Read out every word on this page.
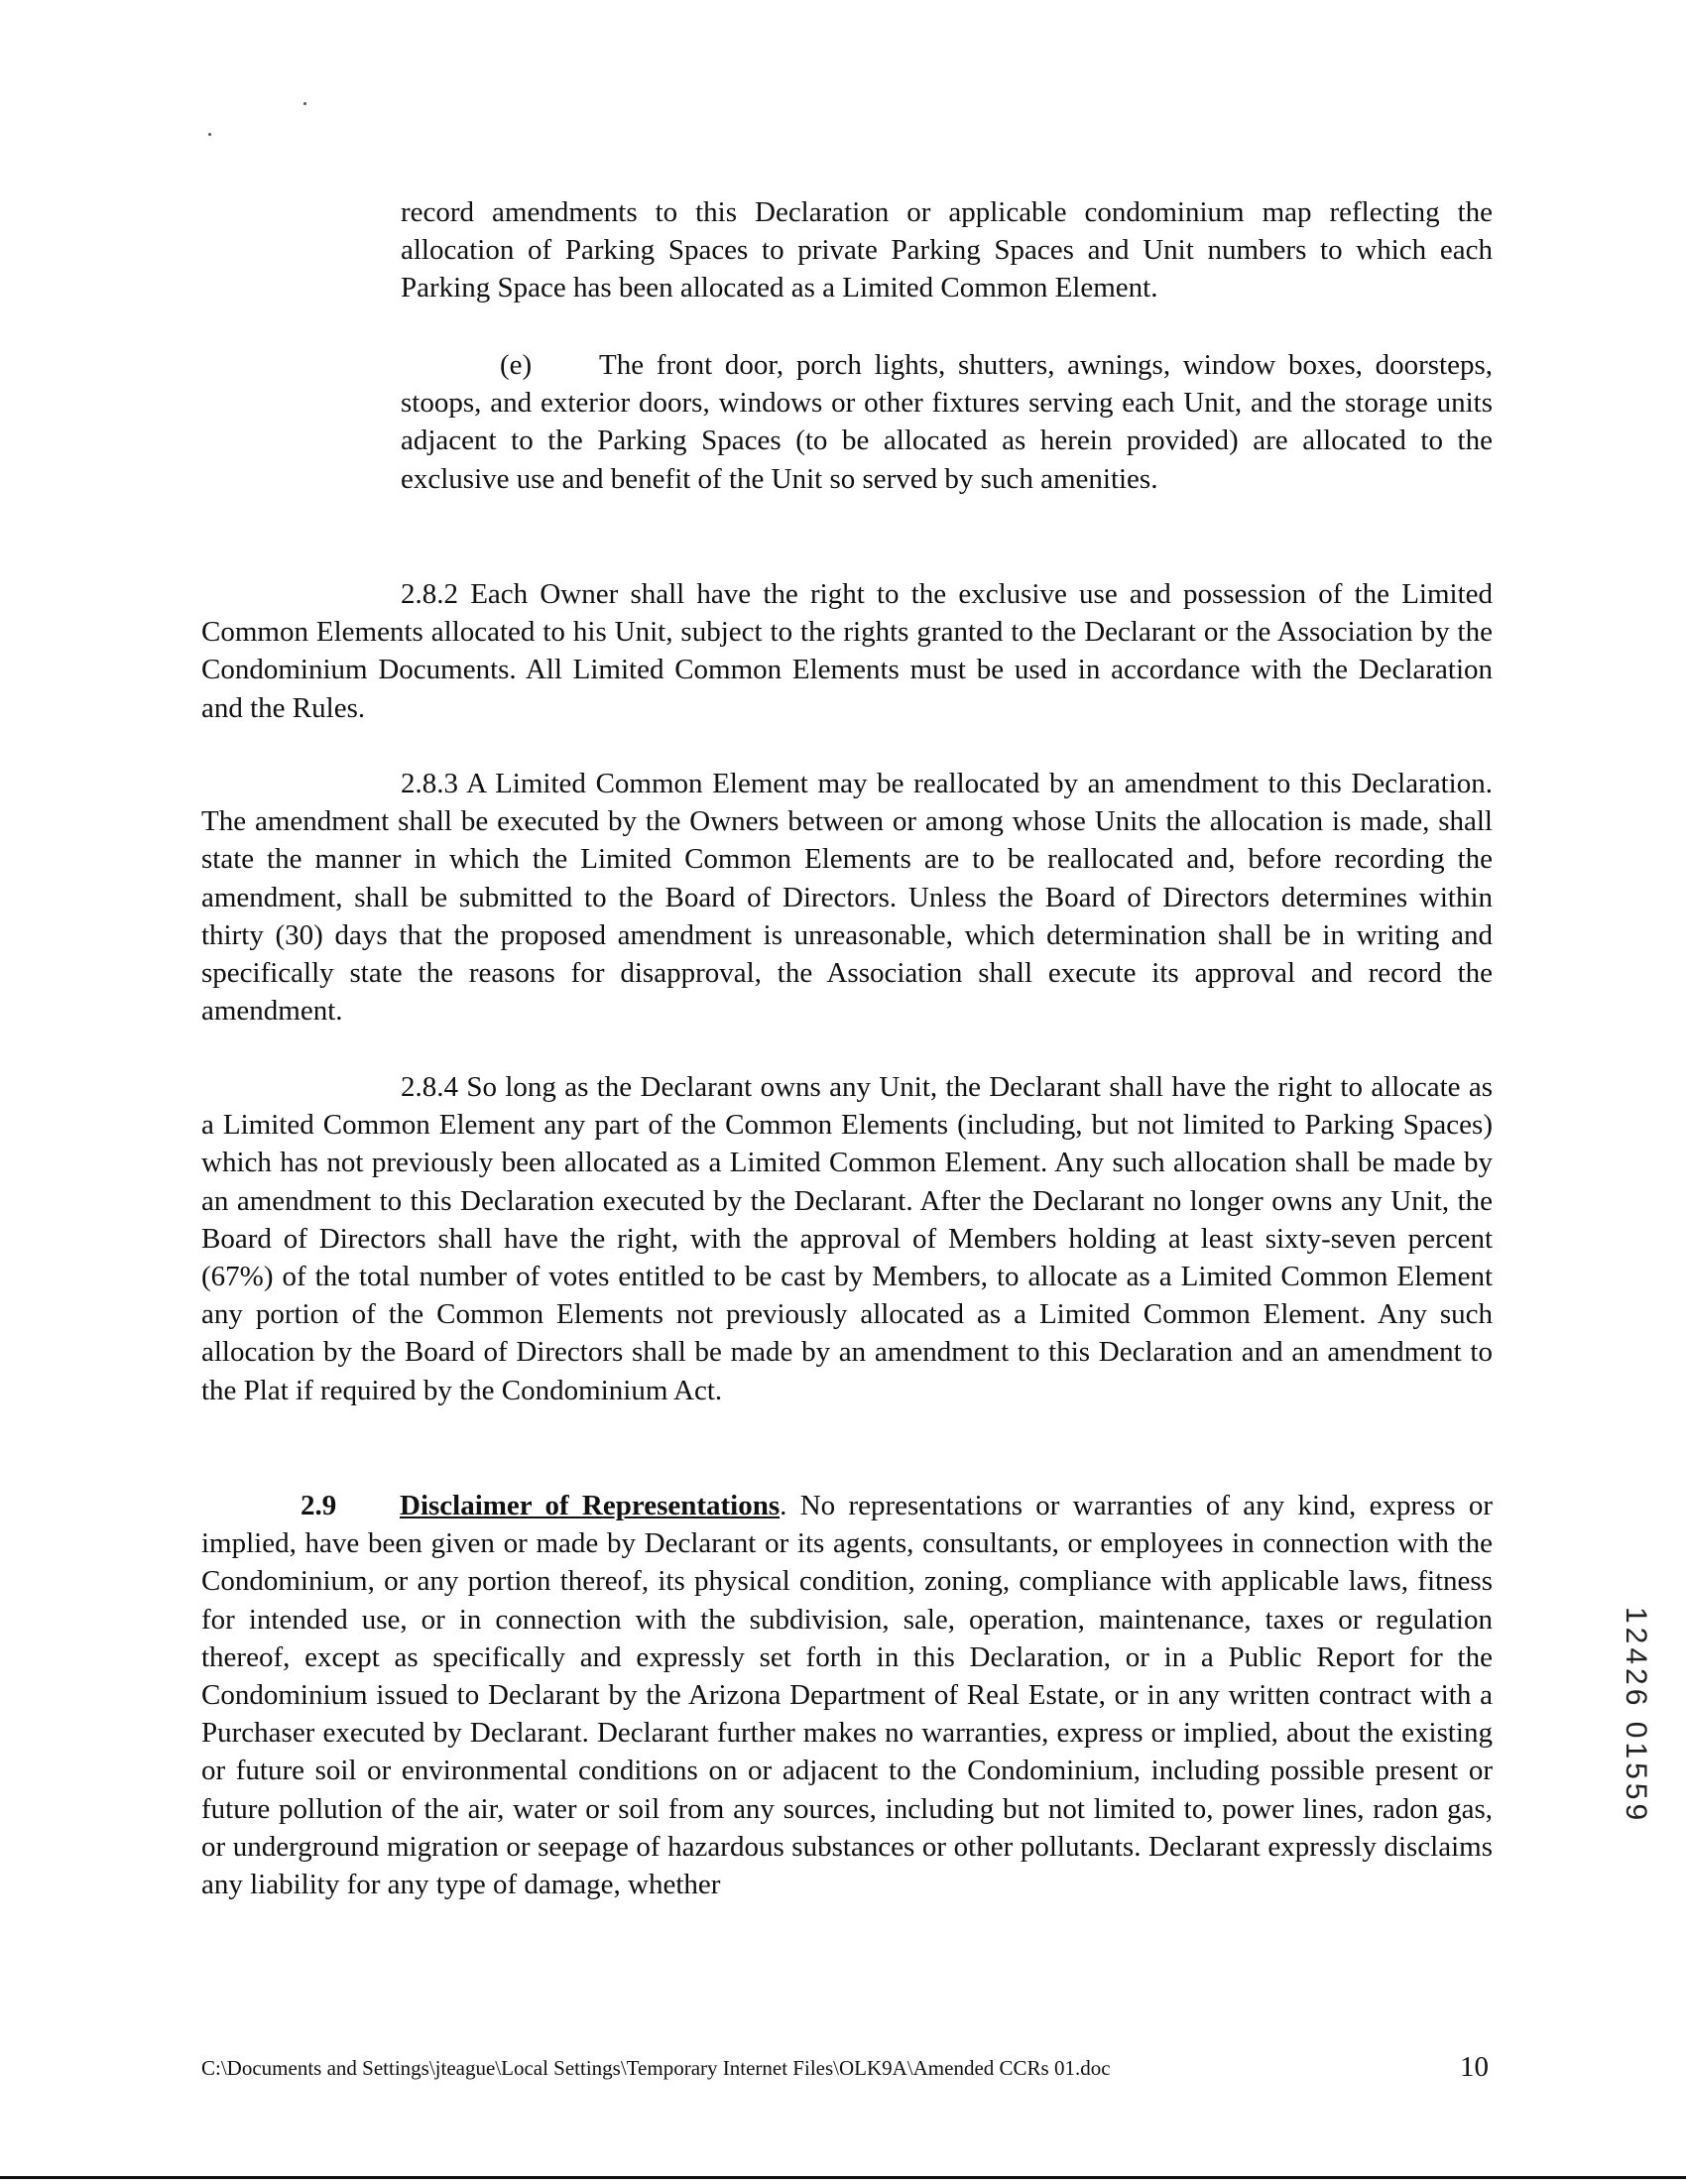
record amendments to this Declaration or applicable condominium map reflecting the allocation of Parking Spaces to private Parking Spaces and Unit numbers to which each Parking Space has been allocated as a Limited Common Element.

(e) The front door, porch lights, shutters, awnings, window boxes, doorsteps, stoops, and exterior doors, windows or other fixtures serving each Unit, and the storage units adjacent to the Parking Spaces (to be allocated as herein provided) are allocated to the exclusive use and benefit of the Unit so served by such amenities.

2.8.2 Each Owner shall have the right to the exclusive use and possession of the Limited Common Elements allocated to his Unit, subject to the rights granted to the Declarant or the Association by the Condominium Documents. All Limited Common Elements must be used in accordance with the Declaration and the Rules.

2.8.3 A Limited Common Element may be reallocated by an amendment to this Declaration. The amendment shall be executed by the Owners between or among whose Units the allocation is made, shall state the manner in which the Limited Common Elements are to be reallocated and, before recording the amendment, shall be submitted to the Board of Directors. Unless the Board of Directors determines within thirty (30) days that the proposed amendment is unreasonable, which determination shall be in writing and specifically state the reasons for disapproval, the Association shall execute its approval and record the amendment.

2.8.4 So long as the Declarant owns any Unit, the Declarant shall have the right to allocate as a Limited Common Element any part of the Common Elements (including, but not limited to Parking Spaces) which has not previously been allocated as a Limited Common Element. Any such allocation shall be made by an amendment to this Declaration executed by the Declarant. After the Declarant no longer owns any Unit, the Board of Directors shall have the right, with the approval of Members holding at least sixty-seven percent (67%) of the total number of votes entitled to be cast by Members, to allocate as a Limited Common Element any portion of the Common Elements not previously allocated as a Limited Common Element. Any such allocation by the Board of Directors shall be made by an amendment to this Declaration and an amendment to the Plat if required by the Condominium Act.

2.9 Disclaimer of Representations. No representations or warranties of any kind, express or implied, have been given or made by Declarant or its agents, consultants, or employees in connection with the Condominium, or any portion thereof, its physical condition, zoning, compliance with applicable laws, fitness for intended use, or in connection with the subdivision, sale, operation, maintenance, taxes or regulation thereof, except as specifically and expressly set forth in this Declaration, or in a Public Report for the Condominium issued to Declarant by the Arizona Department of Real Estate, or in any written contract with a Purchaser executed by Declarant. Declarant further makes no warranties, express or implied, about the existing or future soil or environmental conditions on or adjacent to the Condominium, including possible present or future pollution of the air, water or soil from any sources, including but not limited to, power lines, radon gas, or underground migration or seepage of hazardous substances or other pollutants. Declarant expressly disclaims any liability for any type of damage, whether

12426 01559
C:\Documents and Settings\jteague\Local Settings\Temporary Internet Files\OLK9A\Amended CCRs 01.doc	10
